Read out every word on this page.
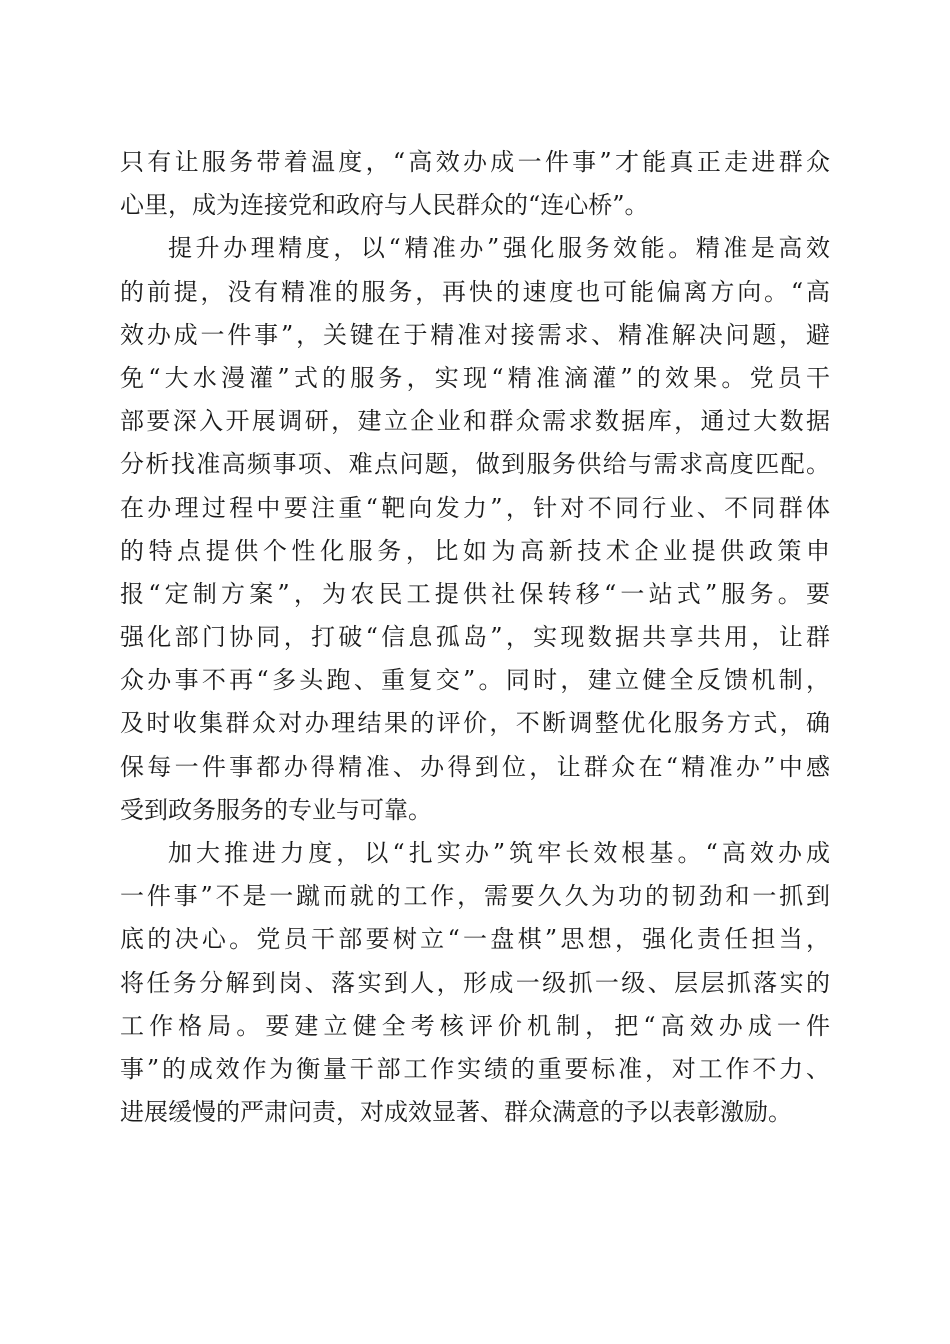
只有让服务带着温度，“高效办成一件事”才能真正走进群众
心里，成为连接党和政府与人民群众的“连心桥”。
提升办理精度，以“精准办”强化服务效能。精准是高效
的前提，没有精准的服务，再快的速度也可能偏离方向。“高
效办成一件事”，关键在于精准对接需求、精准解决问题，避
免“大水漫灌”式的服务，实现“精准滴灌”的效果。党员干
部要深入开展调研，建立企业和群众需求数据库，通过大数据
分析找准高频事项、难点问题，做到服务供给与需求高度匹配。
在办理过程中要注重“靶向发力”，针对不同行业、不同群体
的特点提供个性化服务，比如为高新技术企业提供政策申
报“定制方案”，为农民工提供社保转移“一站式”服务。要
强化部门协同，打破“信息孤岛”，实现数据共享共用，让群
众办事不再“多头跑、重复交”。同时，建立健全反馈机制，
及时收集群众对办理结果的评价，不断调整优化服务方式，确
保每一件事都办得精准、办得到位，让群众在“精准办”中感
受到政务服务的专业与可靠。
加大推进力度，以“扎实办”筑牢长效根基。“高效办成
一件事”不是一蹴而就的工作，需要久久为功的韧劲和一抓到
底的决心。党员干部要树立“一盘棋”思想，强化责任担当，
将任务分解到岗、落实到人，形成一级抓一级、层层抓落实的
工作格局。要建立健全考核评价机制，把“高效办成一件
事”的成效作为衡量干部工作实绩的重要标准，对工作不力、
进展缓慢的严肃问责，对成效显著、群众满意的予以表彰激励。
